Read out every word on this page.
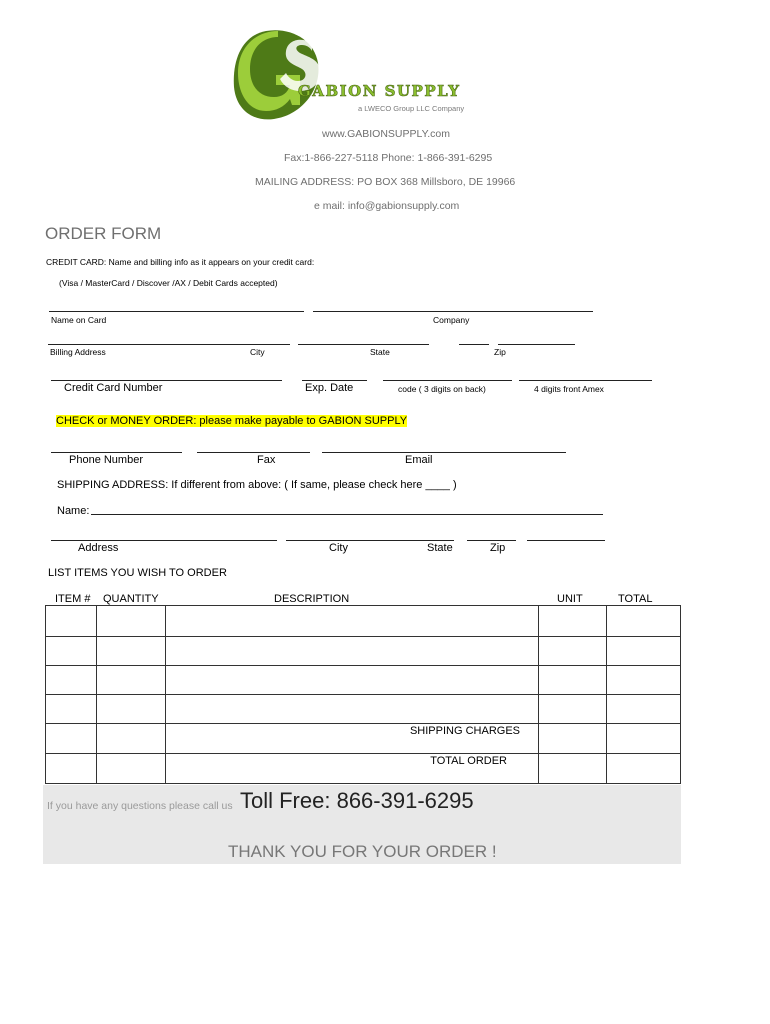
GABION SUPPLY
a LWECO Group LLC Company
www.GABIONSUPPLY.com
Fax:1-866-227-5118 Phone: 1-866-391-6295
MAILING ADDRESS: PO BOX 368 Millsboro, DE 19966
e mail: info@gabionsupply.com
ORDER FORM
CREDIT CARD: Name and billing info as it appears on your credit card:
(Visa / MasterCard / Discover /AX / Debit Cards accepted)
Name on Card	Company
Billing Address	City	State	Zip
Credit Card Number	Exp. Date	code ( 3 digits on back)	4 digits front Amex
CHECK or MONEY ORDER: please make payable to GABION SUPPLY
Phone Number	Fax	Email
SHIPPING ADDRESS: If different from above: ( If same, please check here ____ )
Name:
Address	City	State	Zip
LIST ITEMS YOU WISH TO ORDER
ITEM # QUANTITY	DESCRIPTION	UNIT	TOTAL

		SHIPPING CHARGES		
		TOTAL ORDER		
If you have any questions please call us Toll Free: 866-391-6295
THANK YOU FOR YOUR ORDER !
